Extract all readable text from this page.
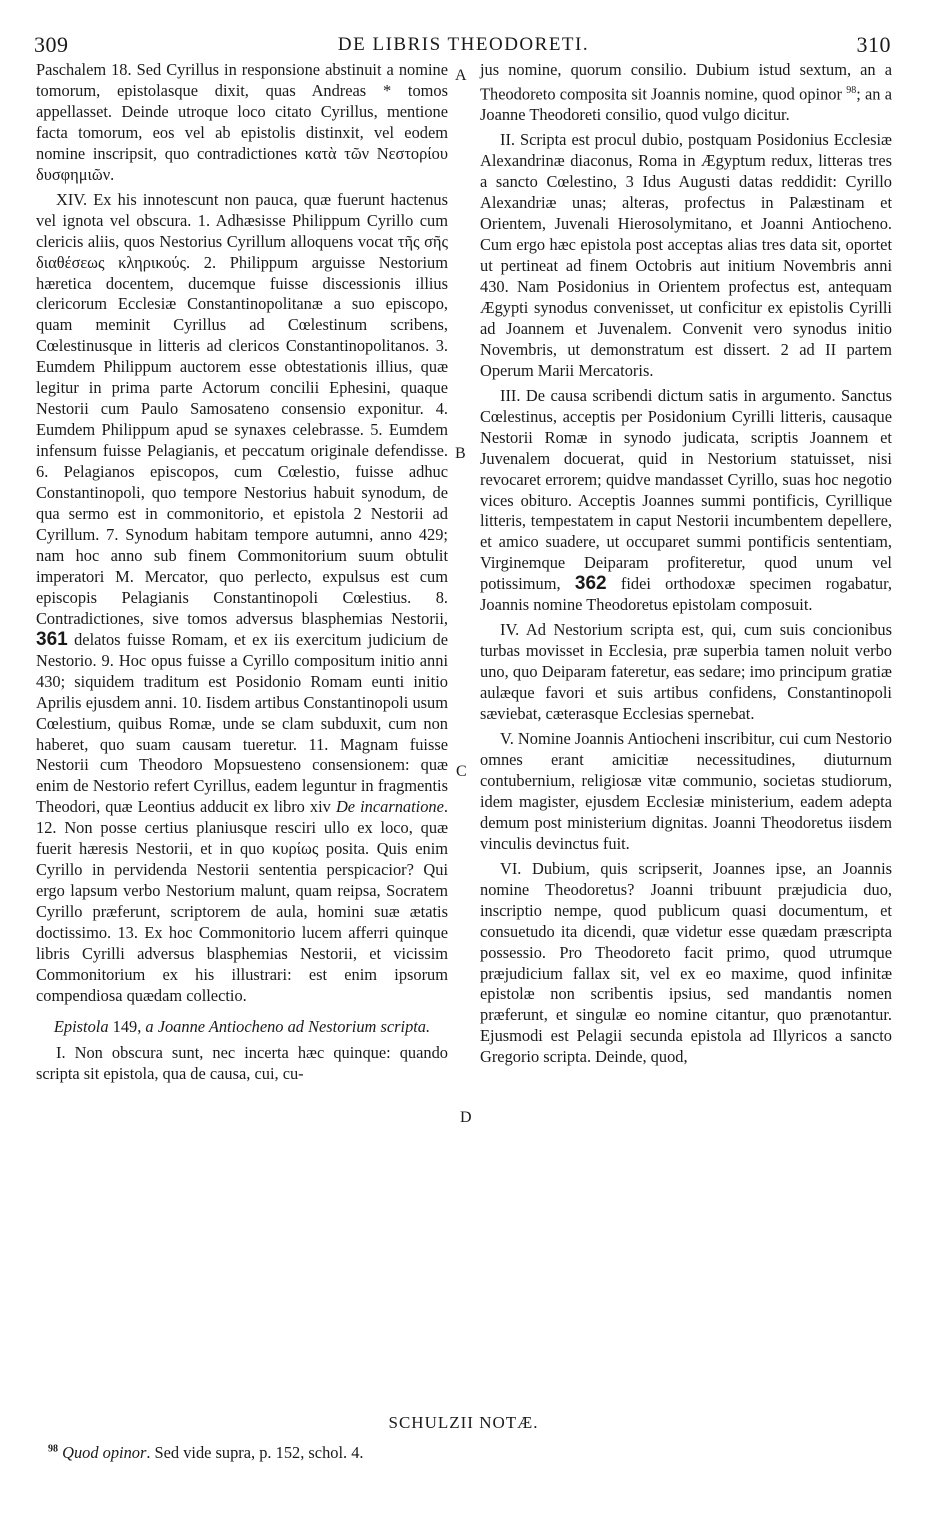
309	DE LIBRIS THEODORETI.	310
A
B
C
D

Paschalem 18. Sed Cyrillus in responsione abstinuit a nomine tomorum, epistolasque dixit, quas Andreas * tomos appellasset. Deinde utroque loco citato Cyrillus, mentione facta tomorum, eos vel ab epistolis distinxit, vel eodem nomine inscripsit, quo contradictiones κατὰ τῶν Νεστορίου δυσφημιῶν.

XIV. Ex his innotescunt non pauca, quæ fuerunt hactenus vel ignota vel obscura. 1. Adhæsisse Philippum Cyrillo cum clericis aliis, quos Nestorius Cyrillum alloquens vocat τῆς σῆς διαθέσεως κληρικούς. 2. Philippum arguisse Nestorium hæretica docentem, ducemque fuisse discessionis illius clericorum Ecclesiæ Constantinopolitanæ a suo episcopo, quam meminit Cyrillus ad Cœlestinum scribens, Cœlestinusque in litteris ad clericos Constantinopolitanos. 3. Eumdem Philippum auctorem esse obtestationis illius, quæ legitur in prima parte Actorum concilii Ephesini, quaque Nestorii cum Paulo Samosateno consensio exponitur. 4. Eumdem Philippum apud se synaxes celebrasse. 5. Eumdem infensum fuisse Pelagianis, et peccatum originale defendisse. 6. Pelagianos episcopos, cum Cœlestio, fuisse adhuc Constantinopoli, quo tempore Nestorius habuit synodum, de qua sermo est in commonitorio, et epistola 2 Nestorii ad Cyrillum. 7. Synodum habitam tempore autumni, anno 429; nam hoc anno sub finem Commonitorium suum obtulit imperatori M. Mercator, quo perlecto, expulsus est cum episcopis Pelagianis Constantinopoli Cœlestius. 8. Contradictiones, sive tomos adversus blasphemias Nestorii, 361 delatos fuisse Romam, et ex iis exercitum judicium de Nestorio. 9. Hoc opus fuisse a Cyrillo compositum initio anni 430; siquidem traditum est Posidonio Romam eunti initio Aprilis ejusdem anni. 10. Iisdem artibus Constantinopoli usum Cœlestium, quibus Romæ, unde se clam subduxit, cum non haberet, quo suam causam tueretur. 11. Magnam fuisse Nestorii cum Theodoro Mopsuesteno consensionem: quæ enim de Nestorio refert Cyrillus, eadem leguntur in fragmentis Theodori, quæ Leontius adducit ex libro xiv De incarnatione. 12. Non posse certius planiusque resciri ullo ex loco, quæ fuerit hæresis Nestorii, et in quo κυρίως posita. Quis enim Cyrillo in pervidenda Nestorii sententia perspicacior? Qui ergo lapsum verbo Nestorium malunt, quam reipsa, Socratem Cyrillo præferunt, scriptorem de aula, homini suæ ætatis doctissimo. 13. Ex hoc Commonitorio lucem afferri quinque libris Cyrilli adversus blasphemias Nestorii, et vicissim Commonitorium ex his illustrari: est enim ipsorum compendiosa quædam collectio.

Epistola 149, a Joanne Antiocheno ad Nestorium scripta.

I. Non obscura sunt, nec incerta hæc quinque: quando scripta sit epistola, qua de causa, cui, cu-

jus nomine, quorum consilio. Dubium istud sextum, an a Theodoreto composita sit Joannis nomine, quod opinor $^{98}$; an a Joanne Theodoreti consilio, quod vulgo dicitur.

II. Scripta est procul dubio, postquam Posidonius Ecclesiæ Alexandrinæ diaconus, Roma in Ægyptum redux, litteras tres a sancto Cœlestino, 3 Idus Augusti datas reddidit: Cyrillo Alexandriæ unas; alteras, profectus in Palæstinam et Orientem, Juvenali Hierosolymitano, et Joanni Antiocheno. Cum ergo hæc epistola post acceptas alias tres data sit, oportet ut pertineat ad finem Octobris aut initium Novembris anni 430. Nam Posidonius in Orientem profectus est, antequam Ægypti synodus convenisset, ut conficitur ex epistolis Cyrilli ad Joannem et Juvenalem. Convenit vero synodus initio Novembris, ut demonstratum est dissert. 2 ad II partem Operum Marii Mercatoris.

III. De causa scribendi dictum satis in argumento. Sanctus Cœlestinus, acceptis per Posidonium Cyrilli litteris, causaque Nestorii Romæ in synodo judicata, scriptis Joannem et Juvenalem docuerat, quid in Nestorium statuisset, nisi revocaret errorem; quidve mandasset Cyrillo, suas hoc negotio vices obituro. Acceptis Joannes summi pontificis, Cyrillique litteris, tempestatem in caput Nestorii incumbentem depellere, et amico suadere, ut occuparet summi pontificis sententiam, Virginemque Deiparam profiteretur, quod unum vel potissimum, 362 fidei orthodoxæ specimen rogabatur, Joannis nomine Theodoretus epistolam composuit.

IV. Ad Nestorium scripta est, qui, cum suis concionibus turbas movisset in Ecclesia, præ superbia tamen noluit verbo uno, quo Deiparam fateretur, eas sedare; imo principum gratiæ aulæque favori et suis artibus confidens, Constantinopoli sæviebat, cæterasque Ecclesias spernebat.

V. Nomine Joannis Antiocheni inscribitur, cui cum Nestorio omnes erant amicitiæ necessitudines, diuturnum contubernium, religiosæ vitæ communio, societas studiorum, idem magister, ejusdem Ecclesiæ ministerium, eadem adepta demum post ministerium dignitas. Joanni Theodoretus iisdem vinculis devinctus fuit.

VI. Dubium, quis scripserit, Joannes ipse, an Joannis nomine Theodoretus? Joanni tribuunt præjudicia duo, inscriptio nempe, quod publicum quasi documentum, et consuetudo ita dicendi, quæ videtur esse quædam præscripta possessio. Pro Theodoreto facit primo, quod utrumque præjudicium fallax sit, vel ex eo maxime, quod infinitæ epistolæ non scribentis ipsius, sed mandantis nomen præferunt, et singulæ eo nomine citantur, quo prænotantur. Ejusmodi est Pelagii secunda epistola ad Illyricos a sancto Gregorio scripta. Deinde, quod,

SCHULZII NOTÆ.
$^{98}$ Quod opinor. Sed vide supra, p. 152, schol. 4.
